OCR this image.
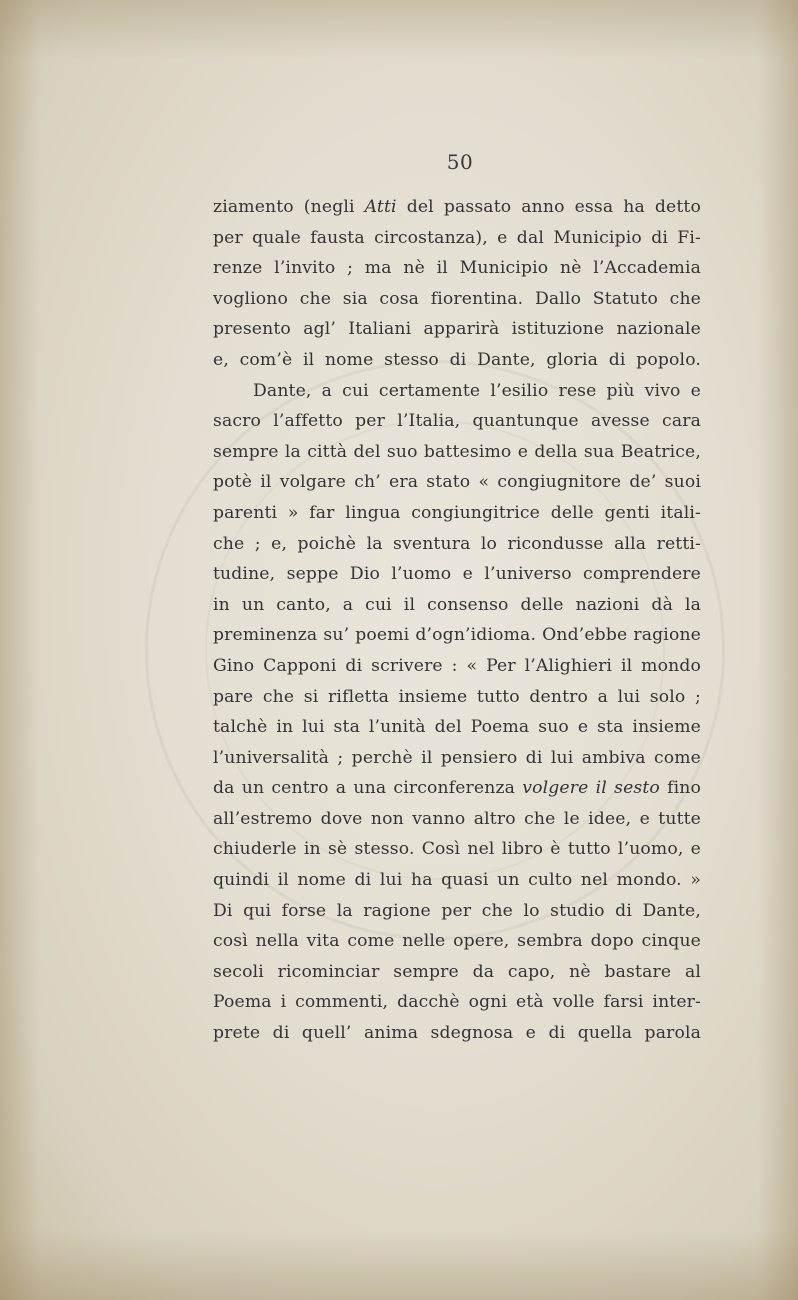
50
ziamento (negli Atti del passato anno essa ha detto
per quale fausta circostanza), e dal Municipio di Fi-
renze l’invito ; ma nè il Municipio nè l’Accademia
vogliono che sia cosa fiorentina. Dallo Statuto che
presento agl’ Italiani apparirà istituzione nazionale
e, com’è il nome stesso di Dante, gloria di popolo.
Dante, a cui certamente l’esilio rese più vivo e
sacro l’affetto per l’Italia, quantunque avesse cara
sempre la città del suo battesimo e della sua Beatrice,
potè il volgare ch’ era stato « congiugnitore de’ suoi
parenti » far lingua congiungitrice delle genti itali-
che ; e, poichè la sventura lo ricondusse alla retti-
tudine, seppe Dio l’uomo e l’universo comprendere
in un canto, a cui il consenso delle nazioni dà la
preminenza su’ poemi d’ogn’idioma. Ond’ebbe ragione
Gino Capponi di scrivere : « Per l’Alighieri il mondo
pare che si rifletta insieme tutto dentro a lui solo ;
talchè in lui sta l’unità del Poema suo e sta insieme
l’universalità ; perchè il pensiero di lui ambiva come
da un centro a una circonferenza volgere il sesto fino
all’estremo dove non vanno altro che le idee, e tutte
chiuderle in sè stesso. Così nel libro è tutto l’uomo, e
quindi il nome di lui ha quasi un culto nel mondo. »
Di qui forse la ragione per che lo studio di Dante,
così nella vita come nelle opere, sembra dopo cinque
secoli ricominciar sempre da capo, nè bastare al
Poema i commenti, dacchè ogni età volle farsi inter-
prete di quell’ anima sdegnosa e di quella parola
